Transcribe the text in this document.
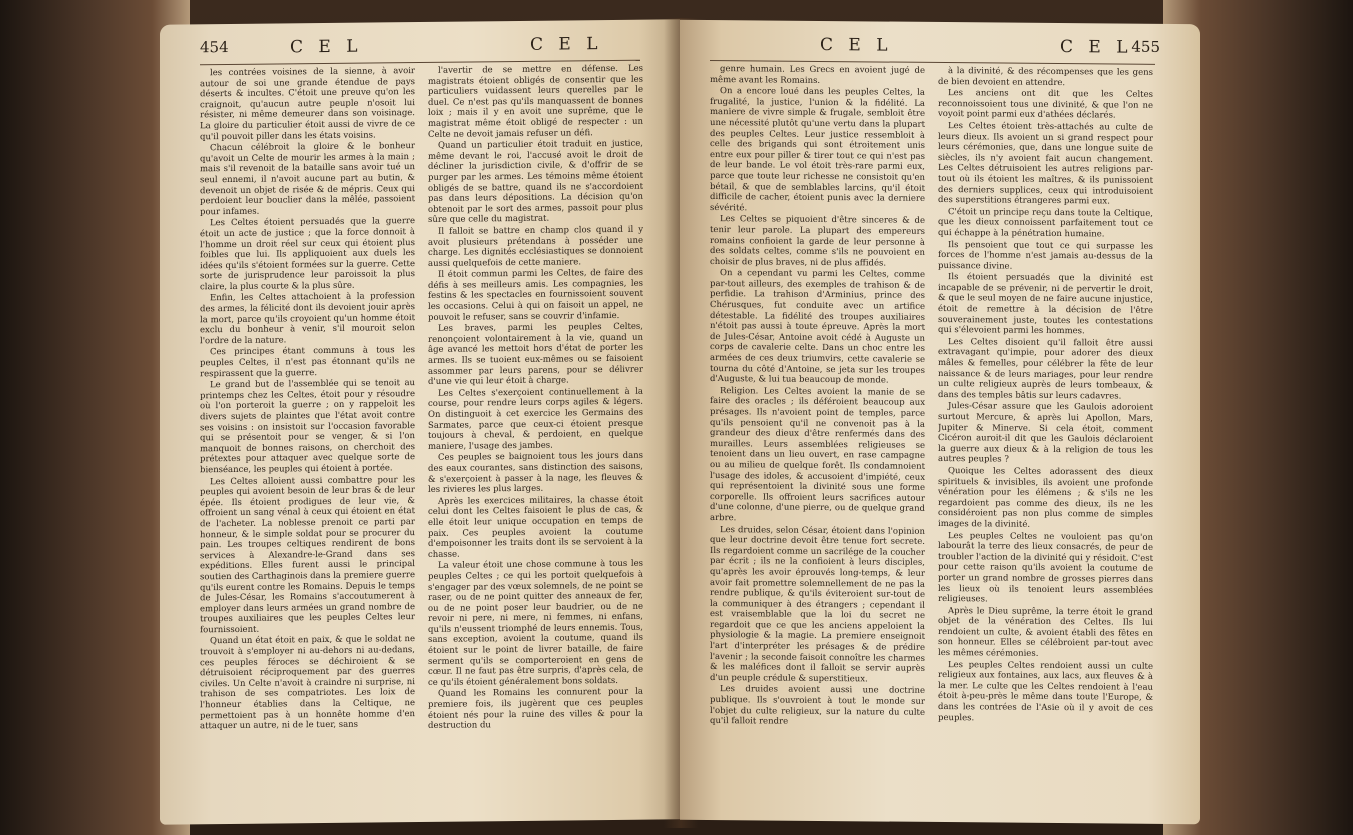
454	C E L	C E L

les contrées voisines de la sienne, à avoir autour de soi une grande étendue de pays déserts & incultes. C'étoit une preuve qu'on les craignoit, qu'aucun autre peuple n'osoit lui résister, ni même demeurer dans son voisinage. La gloire du particulier étoit aussi de vivre de ce qu'il pouvoit piller dans les états voisins.

Chacun célébroit la gloire & le bonheur qu'avoit un Celte de mourir les armes à la main ; mais s'il revenoit de la bataille sans avoir tué un seul ennemi, il n'avoit aucune part au butin, & devenoit un objet de risée & de mépris. Ceux qui perdoient leur bouclier dans la mêlée, passoient pour infames.

Les Celtes étoient persuadés que la guerre étoit un acte de justice ; que la force donnoit à l'homme un droit réel sur ceux qui étoient plus foibles que lui. Ils appliquoient aux duels les idées qu'ils s'étoient formées sur la guerre. Cette sorte de jurisprudence leur paroissoit la plus claire, la plus courte & la plus sûre.

Enfin, les Celtes attachoient à la profession des armes, la félicité dont ils devoient jouir après la mort, parce qu'ils croyoient qu'un homme étoit exclu du bonheur à venir, s'il mouroit selon l'ordre de la nature.

Ces principes étant communs à tous les peuples Celtes, il n'est pas étonnant qu'ils ne respirassent que la guerre.

Le grand but de l'assemblée qui se tenoit au printemps chez les Celtes, étoit pour y résoudre où l'on porteroit la guerre ; on y rappeloit les divers sujets de plaintes que l'état avoit contre ses voisins : on insistoit sur l'occasion favorable qui se présentoit pour se venger, & si l'on manquoit de bonnes raisons, on cherchoit des prétextes pour attaquer avec quelque sorte de bienséance, les peuples qui étoient à portée.

Les Celtes alloient aussi combattre pour les peuples qui avoient besoin de leur bras & de leur épée. Ils étoient prodigues de leur vie, & offroient un sang vénal à ceux qui étoient en état de l'acheter. La noblesse prenoit ce parti par honneur, & le simple soldat pour se procurer du pain. Les troupes celtiques rendirent de bons services à Alexandre-le-Grand dans ses expéditions. Elles furent aussi le principal soutien des Carthaginois dans la premiere guerre qu'ils eurent contre les Romains. Depuis le temps de Jules-César, les Romains s'accoutumerent à employer dans leurs armées un grand nombre de troupes auxiliaires que les peuples Celtes leur fournissoient.

Quand un état étoit en paix, & que le soldat ne trouvoit à s'employer ni au-dehors ni au-dedans, ces peuples féroces se déchiroient & se détruisoient réciproquement par des guerres civiles. Un Celte n'avoit à craindre ni surprise, ni trahison de ses compatriotes. Les loix de l'honneur établies dans la Celtique, ne permettoient pas à un honnête homme d'en attaquer un autre, ni de le tuer, sans

l'avertir de se mettre en défense. Les magistrats étoient obligés de consentir que les particuliers vuidassent leurs querelles par le duel. Ce n'est pas qu'ils manquassent de bonnes loix ; mais il y en avoit une suprême, que le magistrat même étoit obligé de respecter : un Celte ne devoit jamais refuser un défi.

Quand un particulier étoit traduit en justice, même devant le roi, l'accusé avoit le droit de décliner la jurisdiction civile, & d'offrir de se purger par les armes. Les témoins même étoient obligés de se battre, quand ils ne s'accordoient pas dans leurs dépositions. La décision qu'on obtenoit par le sort des armes, passoit pour plus sûre que celle du magistrat.

Il falloit se battre en champ clos quand il y avoit plusieurs prétendans à posséder une charge. Les dignités ecclésiastiques se donnoient aussi quelquefois de cette maniere.

Il étoit commun parmi les Celtes, de faire des défis à ses meilleurs amis. Les compagnies, les festins & les spectacles en fournissoient souvent les occasions. Celui à qui on faisoit un appel, ne pouvoit le refuser, sans se couvrir d'infamie.

Les braves, parmi les peuples Celtes, renonçoient volontairement à la vie, quand un âge avancé les mettoit hors d'état de porter les armes. Ils se tuoient eux-mêmes ou se faisoient assommer par leurs parens, pour se délivrer d'une vie qui leur étoit à charge.

Les Celtes s'exerçoient continuellement à la course, pour rendre leurs corps agiles & légers. On distinguoit à cet exercice les Germains des Sarmates, parce que ceux-ci étoient presque toujours à cheval, & perdoient, en quelque maniere, l'usage des jambes.

Ces peuples se baignoient tous les jours dans des eaux courantes, sans distinction des saisons, & s'exerçoient à passer à la nage, les fleuves & les rivieres les plus larges.

Après les exercices militaires, la chasse étoit celui dont les Celtes faisoient le plus de cas, & elle étoit leur unique occupation en temps de paix. Ces peuples avoient la coutume d'empoisonner les traits dont ils se servoient à la chasse.

La valeur étoit une chose commune à tous les peuples Celtes ; ce qui les portoit quelquefois à s'engager par des vœux solemnels, de ne point se raser, ou de ne point quitter des anneaux de fer, ou de ne point poser leur baudrier, ou de ne revoir ni pere, ni mere, ni femmes, ni enfans, qu'ils n'eussent triomphé de leurs ennemis. Tous, sans exception, avoient la coutume, quand ils étoient sur le point de livrer bataille, de faire serment qu'ils se comporteroient en gens de cœur. Il ne faut pas être surpris, d'après cela, de ce qu'ils étoient généralement bons soldats.

Quand les Romains les connurent pour la premiere fois, ils jugèrent que ces peuples étoient nés pour la ruine des villes & pour la destruction du

C E L	C E L
455

genre humain. Les Grecs en avoient jugé de même avant les Romains.

On a encore loué dans les peuples Celtes, la frugalité, la justice, l'union & la fidélité. La maniere de vivre simple & frugale, sembloit être une nécessité plutôt qu'une vertu dans la plupart des peuples Celtes. Leur justice ressembloit à celle des brigands qui sont étroitement unis entre eux pour piller & tirer tout ce qui n'est pas de leur bande. Le vol étoit très-rare parmi eux, parce que toute leur richesse ne consistoit qu'en bétail, & que de semblables larcins, qu'il étoit difficile de cacher, étoient punis avec la derniere sévérité.

Les Celtes se piquoient d'être sinceres & de tenir leur parole. La plupart des empereurs romains confioient la garde de leur personne à des soldats celtes, comme s'ils ne pouvoient en choisir de plus braves, ni de plus affidés.

On a cependant vu parmi les Celtes, comme par-tout ailleurs, des exemples de trahison & de perfidie. La trahison d'Arminius, prince des Chérusques, fut conduite avec un artifice détestable. La fidélité des troupes auxiliaires n'étoit pas aussi à toute épreuve. Après la mort de Jules-César, Antoine avoit cédé à Auguste un corps de cavalerie celte. Dans un choc entre les armées de ces deux triumvirs, cette cavalerie se tourna du côté d'Antoine, se jeta sur les troupes d'Auguste, & lui tua beaucoup de monde.

Religion. Les Celtes avoient la manie de se faire des oracles ; ils déféroient beaucoup aux présages. Ils n'avoient point de temples, parce qu'ils pensoient qu'il ne convenoit pas à la grandeur des dieux d'être renfermés dans des murailles. Leurs assemblées religieuses se tenoient dans un lieu ouvert, en rase campagne ou au milieu de quelque forêt. Ils condamnoient l'usage des idoles, & accusoient d'impiété, ceux qui représentoient la divinité sous une forme corporelle. Ils offroient leurs sacrifices autour d'une colonne, d'une pierre, ou de quelque grand arbre.

Les druides, selon César, étoient dans l'opinion que leur doctrine devoit être tenue fort secrete. Ils regardoient comme un sacrilége de la coucher par écrit ; ils ne la confioient à leurs disciples, qu'après les avoir éprouvés long-temps, & leur avoir fait promettre solemnellement de ne pas la rendre publique, & qu'ils éviteroient sur-tout de la communiquer à des étrangers ; cependant il est vraisemblable que la loi du secret ne regardoit que ce que les anciens appeloient la physiologie & la magie. La premiere enseignoit l'art d'interpréter les présages & de prédire l'avenir ; la seconde faisoit connoître les charmes & les maléfices dont il falloit se servir auprès d'un peuple crédule & superstitieux.

Les druides avoient aussi une doctrine publique. Ils s'ouvroient à tout le monde sur l'objet du culte religieux, sur la nature du culte qu'il falloit rendre

à la divinité, & des récompenses que les gens de bien devoient en attendre.

Les anciens ont dit que les Celtes reconnoissoient tous une divinité, & que l'on ne voyoit point parmi eux d'athées déclarés.

Les Celtes étoient très-attachés au culte de leurs dieux. Ils avoient un si grand respect pour leurs cérémonies, que, dans une longue suite de siècles, ils n'y avoient fait aucun changement. Les Celtes détruisoient les autres religions par-tout où ils étoient les maîtres, & ils punissoient des derniers supplices, ceux qui introduisoient des superstitions étrangeres parmi eux.

C'étoit un principe reçu dans toute la Celtique, que les dieux connoissent parfaitement tout ce qui échappe à la pénétration humaine.

Ils pensoient que tout ce qui surpasse les forces de l'homme n'est jamais au-dessus de la puissance divine.

Ils étoient persuadés que la divinité est incapable de se prévenir, ni de pervertir le droit, & que le seul moyen de ne faire aucune injustice, étoit de remettre à la décision de l'être souverainement juste, toutes les contestations qui s'élevoient parmi les hommes.

Les Celtes disoient qu'il falloit être aussi extravagant qu'impie, pour adorer des dieux mâles & femelles, pour célébrer la fête de leur naissance & de leurs mariages, pour leur rendre un culte religieux auprès de leurs tombeaux, & dans des temples bâtis sur leurs cadavres.

Jules-César assure que les Gaulois adoroient surtout Mercure, & après lui Apollon, Mars, Jupiter & Minerve. Si cela étoit, comment Cicéron auroit-il dit que les Gaulois déclaroient la guerre aux dieux & à la religion de tous les autres peuples ?

Quoique les Celtes adorassent des dieux spirituels & invisibles, ils avoient une profonde vénération pour les élémens ; & s'ils ne les regardoient pas comme des dieux, ils ne les considéroient pas non plus comme de simples images de la divinité.

Les peuples Celtes ne vouloient pas qu'on labourât la terre des lieux consacrés, de peur de troubler l'action de la divinité qui y résidoit. C'est pour cette raison qu'ils avoient la coutume de porter un grand nombre de grosses pierres dans les lieux où ils tenoient leurs assemblées religieuses.

Après le Dieu suprême, la terre étoit le grand objet de la vénération des Celtes. Ils lui rendoient un culte, & avoient établi des fêtes en son honneur. Elles se célébroient par-tout avec les mêmes cérémonies.

Les peuples Celtes rendoient aussi un culte religieux aux fontaines, aux lacs, aux fleuves & à la mer. Le culte que les Celtes rendoient à l'eau étoit à-peu-près le même dans toute l'Europe, & dans les contrées de l'Asie où il y avoit de ces peuples.
